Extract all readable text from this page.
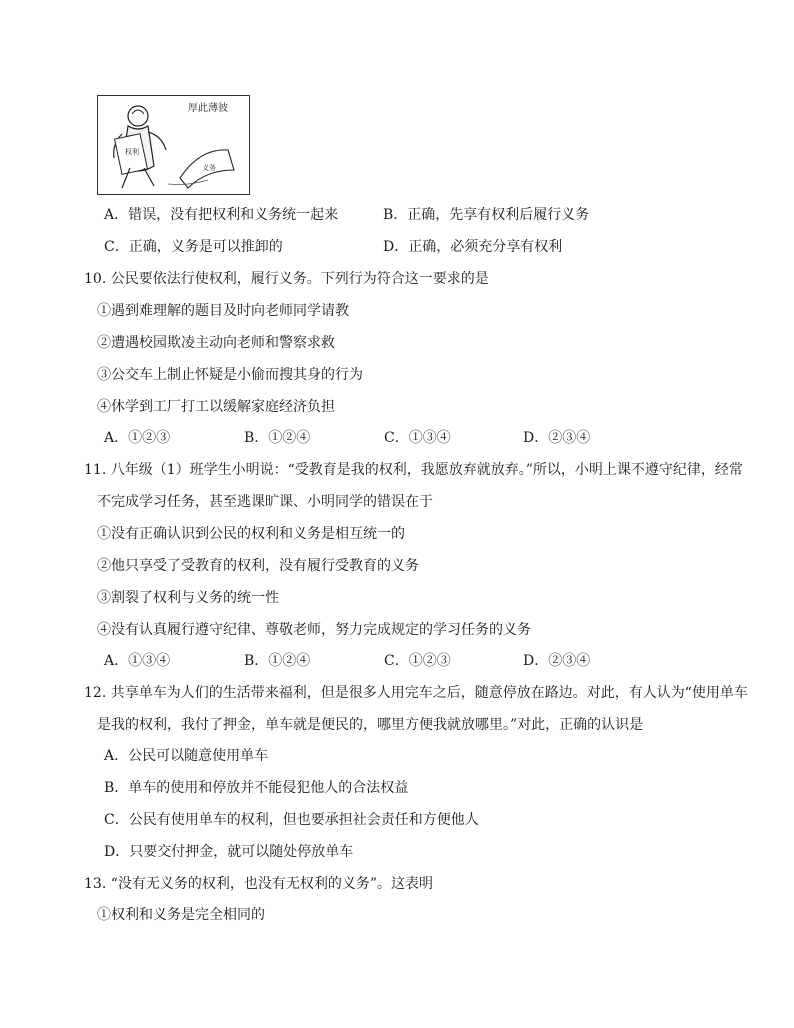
厚此薄彼
权利
义务
A．错误，没有把权利和义务统一起来	B．正确，先享有权利后履行义务
C．正确，义务是可以推卸的	D．正确，必须充分享有权利
10. 公民要依法行使权利，履行义务。下列行为符合这一要求的是
①遇到难理解的题目及时向老师同学请教
②遭遇校园欺凌主动向老师和警察求救
③公交车上制止怀疑是小偷而搜其身的行为
④休学到工厂打工以缓解家庭经济负担
A．①②③	B．①②④	C．①③④	D．②③④
11. 八年级（1）班学生小明说：“受教育是我的权利，我愿放弃就放弃。”所以，小明上课不遵守纪律，经常
不完成学习任务，甚至逃课旷课、小明同学的错误在于
①没有正确认识到公民的权利和义务是相互统一的
②他只享受了受教育的权利，没有履行受教育的义务
③割裂了权利与义务的统一性
④没有认真履行遵守纪律、尊敬老师，努力完成规定的学习任务的义务
A．①③④	B．①②④	C．①②③	D．②③④
12. 共享单车为人们的生活带来福利，但是很多人用完车之后，随意停放在路边。对此，有人认为“使用单车
是我的权利，我付了押金，单车就是便民的，哪里方便我就放哪里。”对此，正确的认识是
A．公民可以随意使用单车
B．单车的使用和停放并不能侵犯他人的合法权益
C．公民有使用单车的权利，但也要承担社会责任和方便他人
D．只要交付押金，就可以随处停放单车
13. “没有无义务的权利，也没有无权利的义务”。这表明
①权利和义务是完全相同的
